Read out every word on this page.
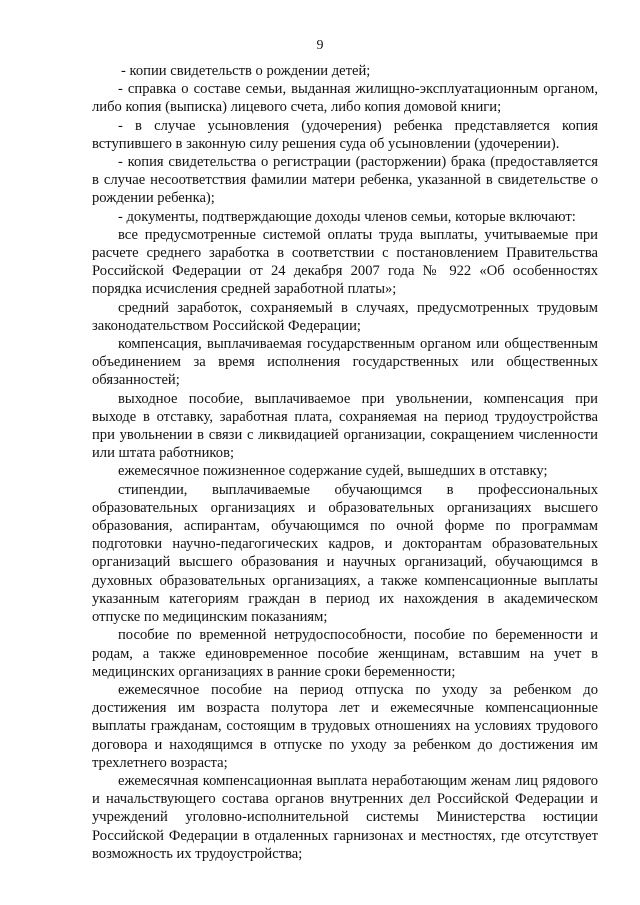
9

- копии свидетельств о рождении детей;

- справка о составе семьи, выданная жилищно-эксплуатационным органом, либо копия (выписка) лицевого счета, либо копия домовой книги;

- в случае усыновления (удочерения) ребенка представляется копия вступившего в законную силу решения суда об усыновлении (удочерении).

- копия свидетельства о регистрации (расторжении) брака (предоставляется в случае несоответствия фамилии матери ребенка, указанной в свидетельстве о рождении ребенка);

- документы, подтверждающие доходы членов семьи, которые включают:

все предусмотренные системой оплаты труда выплаты, учитываемые при расчете среднего заработка в соответствии с постановлением Правительства Российской Федерации от 24 декабря 2007 года № 922 «Об особенностях порядка исчисления средней заработной платы»;

средний заработок, сохраняемый в случаях, предусмотренных трудовым законодательством Российской Федерации;

компенсация, выплачиваемая государственным органом или общественным объединением за время исполнения государственных или общественных обязанностей;

выходное пособие, выплачиваемое при увольнении, компенсация при выходе в отставку, заработная плата, сохраняемая на период трудоустройства при увольнении в связи с ликвидацией организации, сокращением численности или штата работников;

ежемесячное пожизненное содержание судей, вышедших в отставку;

стипендии, выплачиваемые обучающимся в профессиональных образовательных организациях и образовательных организациях высшего образования, аспирантам, обучающимся по очной форме по программам подготовки научно-педагогических кадров, и докторантам образовательных организаций высшего образования и научных организаций, обучающимся в духовных образовательных организациях, а также компенсационные выплаты указанным категориям граждан в период их нахождения в академическом отпуске по медицинским показаниям;

пособие по временной нетрудоспособности, пособие по беременности и родам, а также единовременное пособие женщинам, вставшим на учет в медицинских организациях в ранние сроки беременности;

ежемесячное пособие на период отпуска по уходу за ребенком до достижения им возраста полутора лет и ежемесячные компенсационные выплаты гражданам, состоящим в трудовых отношениях на условиях трудового договора и находящимся в отпуске по уходу за ребенком до достижения им трехлетнего возраста;

ежемесячная компенсационная выплата неработающим женам лиц рядового и начальствующего состава органов внутренних дел Российской Федерации и учреждений уголовно-исполнительной системы Министерства юстиции Российской Федерации в отдаленных гарнизонах и местностях, где отсутствует возможность их трудоустройства;
